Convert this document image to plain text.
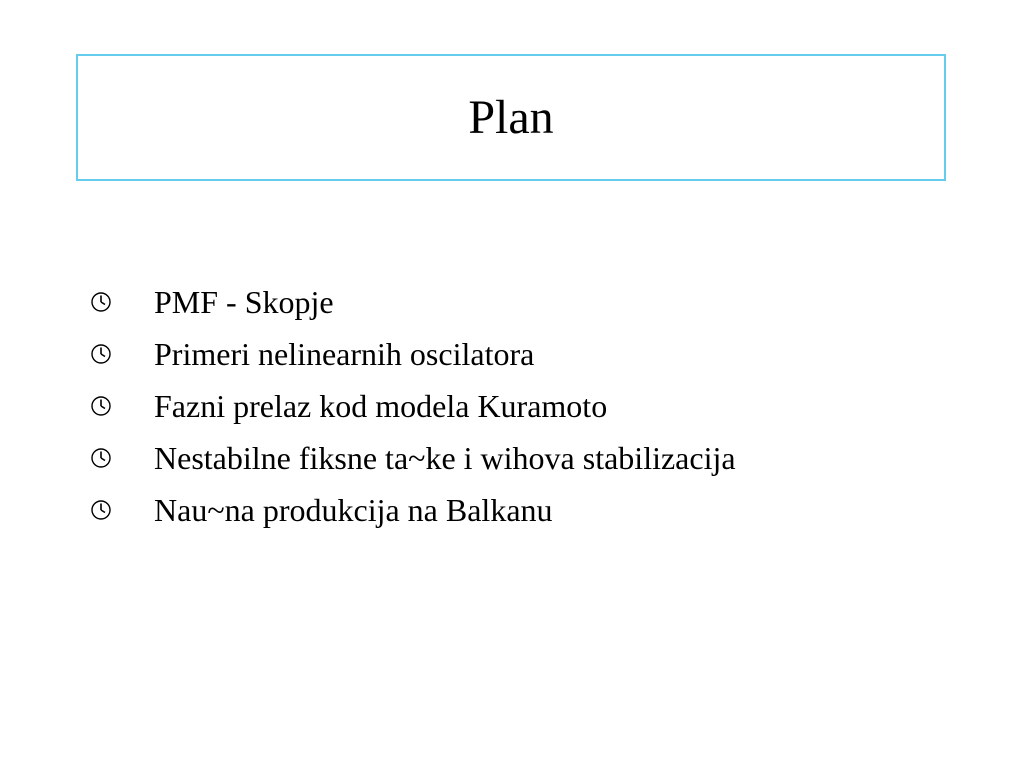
Plan
PMF - Skopje
Primeri nelinearnih oscilatora
Fazni prelaz kod modela Kuramoto
Nestabilne fiksne ta~ke i wihova stabilizacija
Nau~na produkcija na Balkanu
